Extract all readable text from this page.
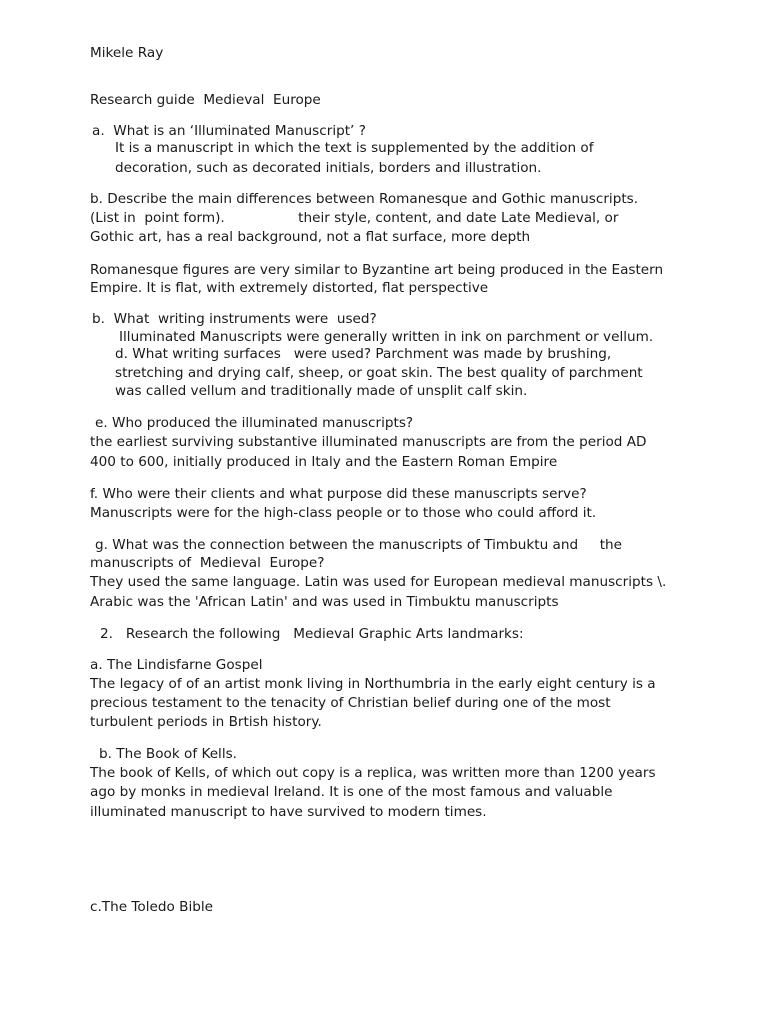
Mikele Ray
Research guide  Medieval  Europe
a.  What is an ‘Illuminated Manuscript’ ?
It is a manuscript in which the text is supplemented by the addition of
decoration, such as decorated initials, borders and illustration.
b. Describe the main differences between Romanesque and Gothic manuscripts.
(List in  point form).                 their style, content, and date Late Medieval, or
Gothic art, has a real background, not a flat surface, more depth
Romanesque figures are very similar to Byzantine art being produced in the Eastern
Empire. It is flat, with extremely distorted, flat perspective
b.  What  writing instruments were  used?
Illuminated Manuscripts were generally written in ink on parchment or vellum.
d. What writing surfaces   were used? Parchment was made by brushing,
stretching and drying calf, sheep, or goat skin. The best quality of parchment
was called vellum and traditionally made of unsplit calf skin.
e. Who produced the illuminated manuscripts?
the earliest surviving substantive illuminated manuscripts are from the period AD
400 to 600, initially produced in Italy and the Eastern Roman Empire
f. Who were their clients and what purpose did these manuscripts serve?
Manuscripts were for the high-class people or to those who could afford it.
g. What was the connection between the manuscripts of Timbuktu and     the
manuscripts of  Medieval  Europe?
They used the same language. Latin was used for European medieval manuscripts \.
Arabic was the 'African Latin' and was used in Timbuktu manuscripts
2.   Research the following   Medieval Graphic Arts landmarks:
a. The Lindisfarne Gospel
The legacy of of an artist monk living in Northumbria in the early eight century is a
precious testament to the tenacity of Christian belief during one of the most
turbulent periods in Brtish history.
b. The Book of Kells.
The book of Kells, of which out copy is a replica, was written more than 1200 years
ago by monks in medieval Ireland. It is one of the most famous and valuable
illuminated manuscript to have survived to modern times.
c.The Toledo Bible
